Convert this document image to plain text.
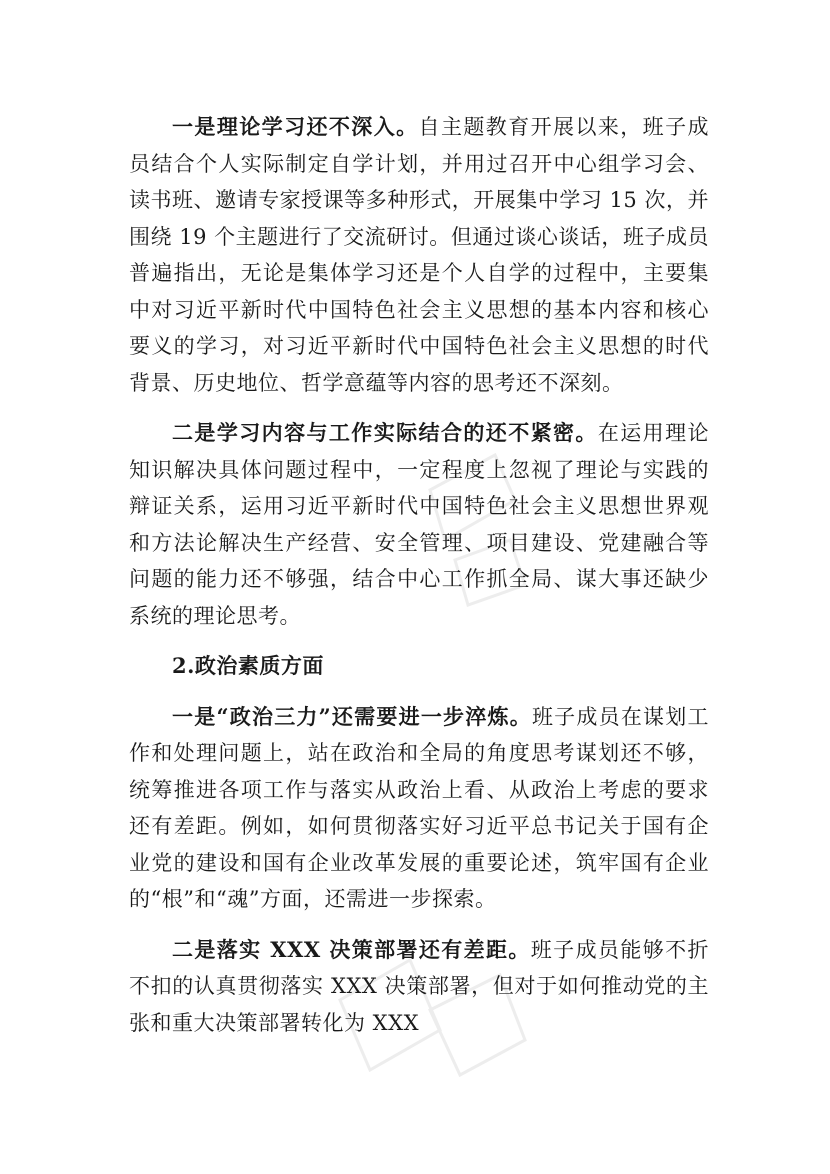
一是理论学习还不深入。自主题教育开展以来，班子成员结合个人实际制定自学计划，并用过召开中心组学习会、读书班、邀请专家授课等多种形式，开展集中学习 15 次，并围绕 19 个主题进行了交流研讨。但通过谈心谈话，班子成员普遍指出，无论是集体学习还是个人自学的过程中，主要集中对习近平新时代中国特色社会主义思想的基本内容和核心要义的学习，对习近平新时代中国特色社会主义思想的时代背景、历史地位、哲学意蕴等内容的思考还不深刻。

二是学习内容与工作实际结合的还不紧密。在运用理论知识解决具体问题过程中，一定程度上忽视了理论与实践的辩证关系，运用习近平新时代中国特色社会主义思想世界观和方法论解决生产经营、安全管理、项目建设、党建融合等问题的能力还不够强，结合中心工作抓全局、谋大事还缺少系统的理论思考。

2.政治素质方面

一是“政治三力”还需要进一步淬炼。班子成员在谋划工作和处理问题上，站在政治和全局的角度思考谋划还不够，统筹推进各项工作与落实从政治上看、从政治上考虑的要求还有差距。例如，如何贯彻落实好习近平总书记关于国有企业党的建设和国有企业改革发展的重要论述，筑牢国有企业的“根”和“魂”方面，还需进一步探索。

二是落实 XXX 决策部署还有差距。班子成员能够不折不扣的认真贯彻落实 XXX 决策部署，但对于如何推动党的主张和重大决策部署转化为 XXX
